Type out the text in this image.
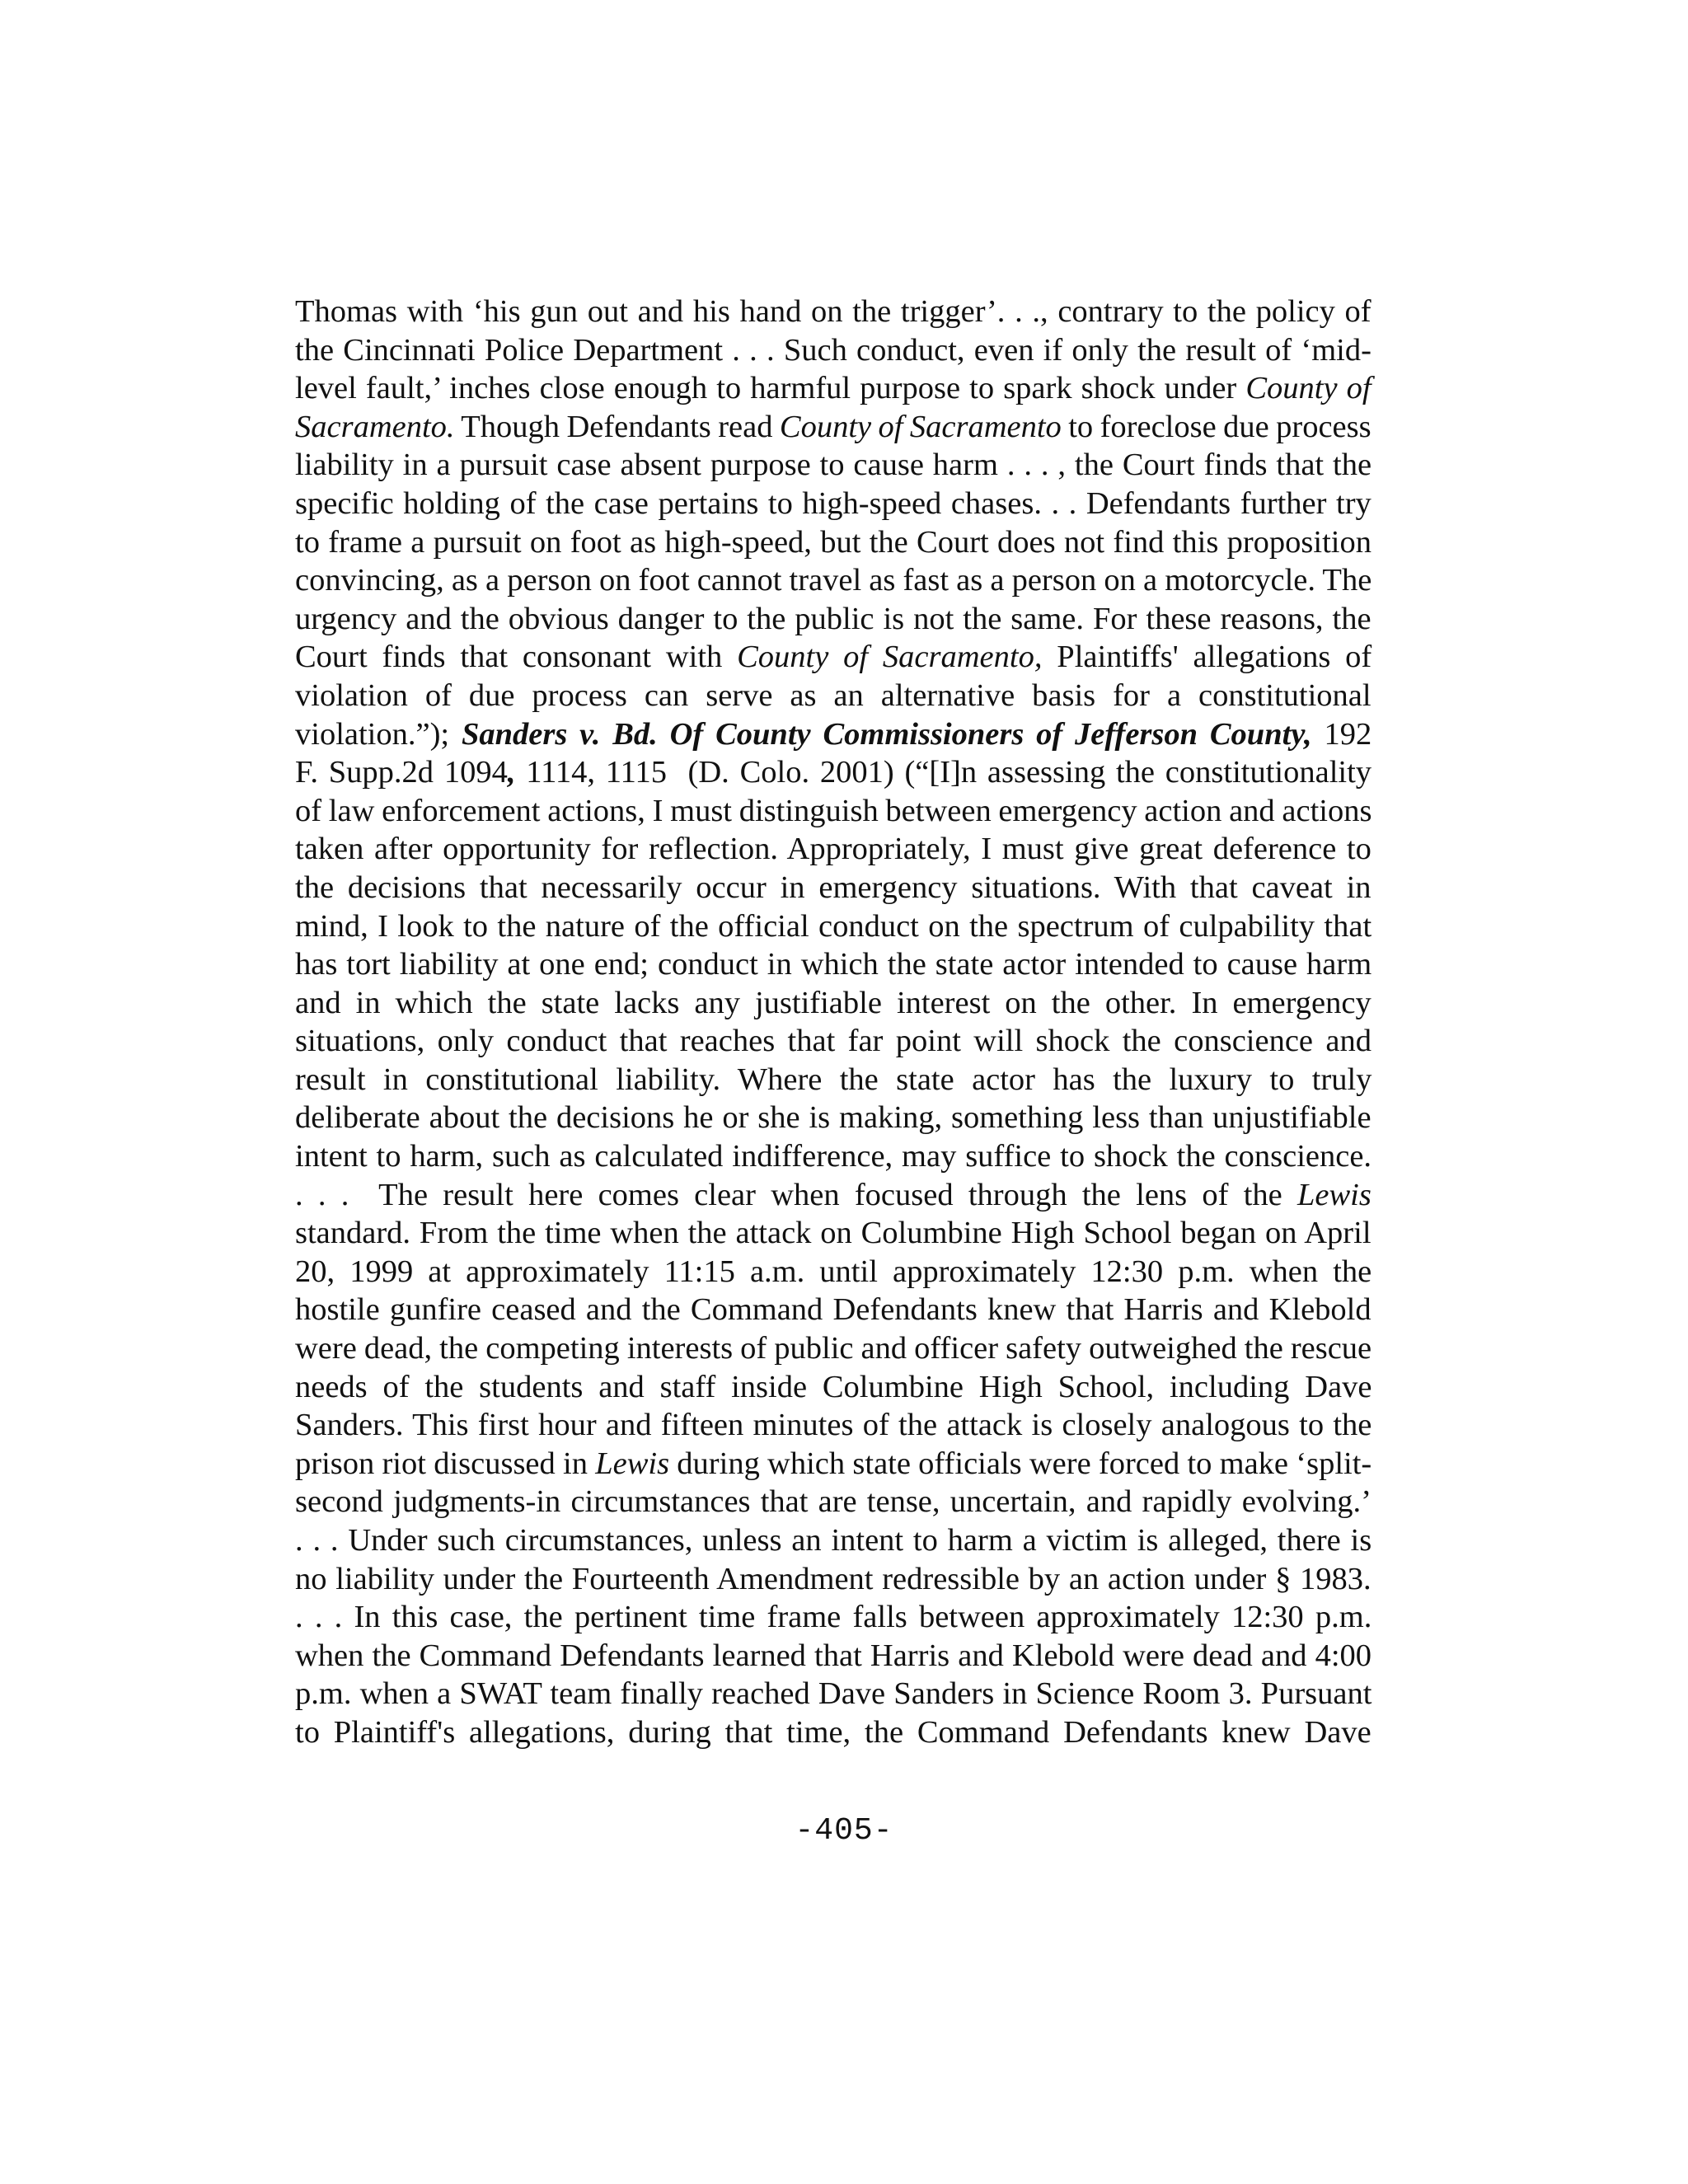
Thomas with ‘his gun out and his hand on the trigger’. . ., contrary to the policy of
the Cincinnati Police Department . . . Such conduct, even if only the result of ‘mid-
level fault,’ inches close enough to harmful purpose to spark shock under County of
Sacramento. Though Defendants read County of Sacramento to foreclose due process
liability in a pursuit case absent purpose to cause harm . . . , the Court finds that the
specific holding of the case pertains to high-speed chases. . . Defendants further try
to frame a pursuit on foot as high-speed, but the Court does not find this proposition
convincing, as a person on foot cannot travel as fast as a person on a motorcycle. The
urgency and the obvious danger to the public is not the same. For these reasons, the
Court finds that consonant with County of Sacramento, Plaintiffs' allegations of
violation of due process can serve as an alternative basis for a constitutional
violation.”); Sanders v. Bd. Of County Commissioners of Jefferson County, 192
F. Supp.2d 1094, 1114, 1115  (D. Colo. 2001) (“[I]n assessing the constitutionality
of law enforcement actions, I must distinguish between emergency action and actions
taken after opportunity for reflection. Appropriately, I must give great deference to
the decisions that necessarily occur in emergency situations. With that caveat in
mind, I look to the nature of the official conduct on the spectrum of culpability that
has tort liability at one end; conduct in which the state actor intended to cause harm
and in which the state lacks any justifiable interest on the other. In emergency
situations, only conduct that reaches that far point will shock the conscience and
result in constitutional liability. Where the state actor has the luxury to truly
deliberate about the decisions he or she is making, something less than unjustifiable
intent to harm, such as calculated indifference, may suffice to shock the conscience.
. . .  The result here comes clear when focused through the lens of the Lewis
standard. From the time when the attack on Columbine High School began on April
20, 1999 at approximately 11:15 a.m. until approximately 12:30 p.m. when the
hostile gunfire ceased and the Command Defendants knew that Harris and Klebold
were dead, the competing interests of public and officer safety outweighed the rescue
needs of the students and staff inside Columbine High School, including Dave
Sanders. This first hour and fifteen minutes of the attack is closely analogous to the
prison riot discussed in Lewis during which state officials were forced to make ‘split-
second judgments-in circumstances that are tense, uncertain, and rapidly evolving.’
. . . Under such circumstances, unless an intent to harm a victim is alleged, there is
no liability under the Fourteenth Amendment redressible by an action under § 1983.
. . . In this case, the pertinent time frame falls between approximately 12:30 p.m.
when the Command Defendants learned that Harris and Klebold were dead and 4:00
p.m. when a SWAT team finally reached Dave Sanders in Science Room 3. Pursuant
to Plaintiff's allegations, during that time, the Command Defendants knew Dave
-405-
